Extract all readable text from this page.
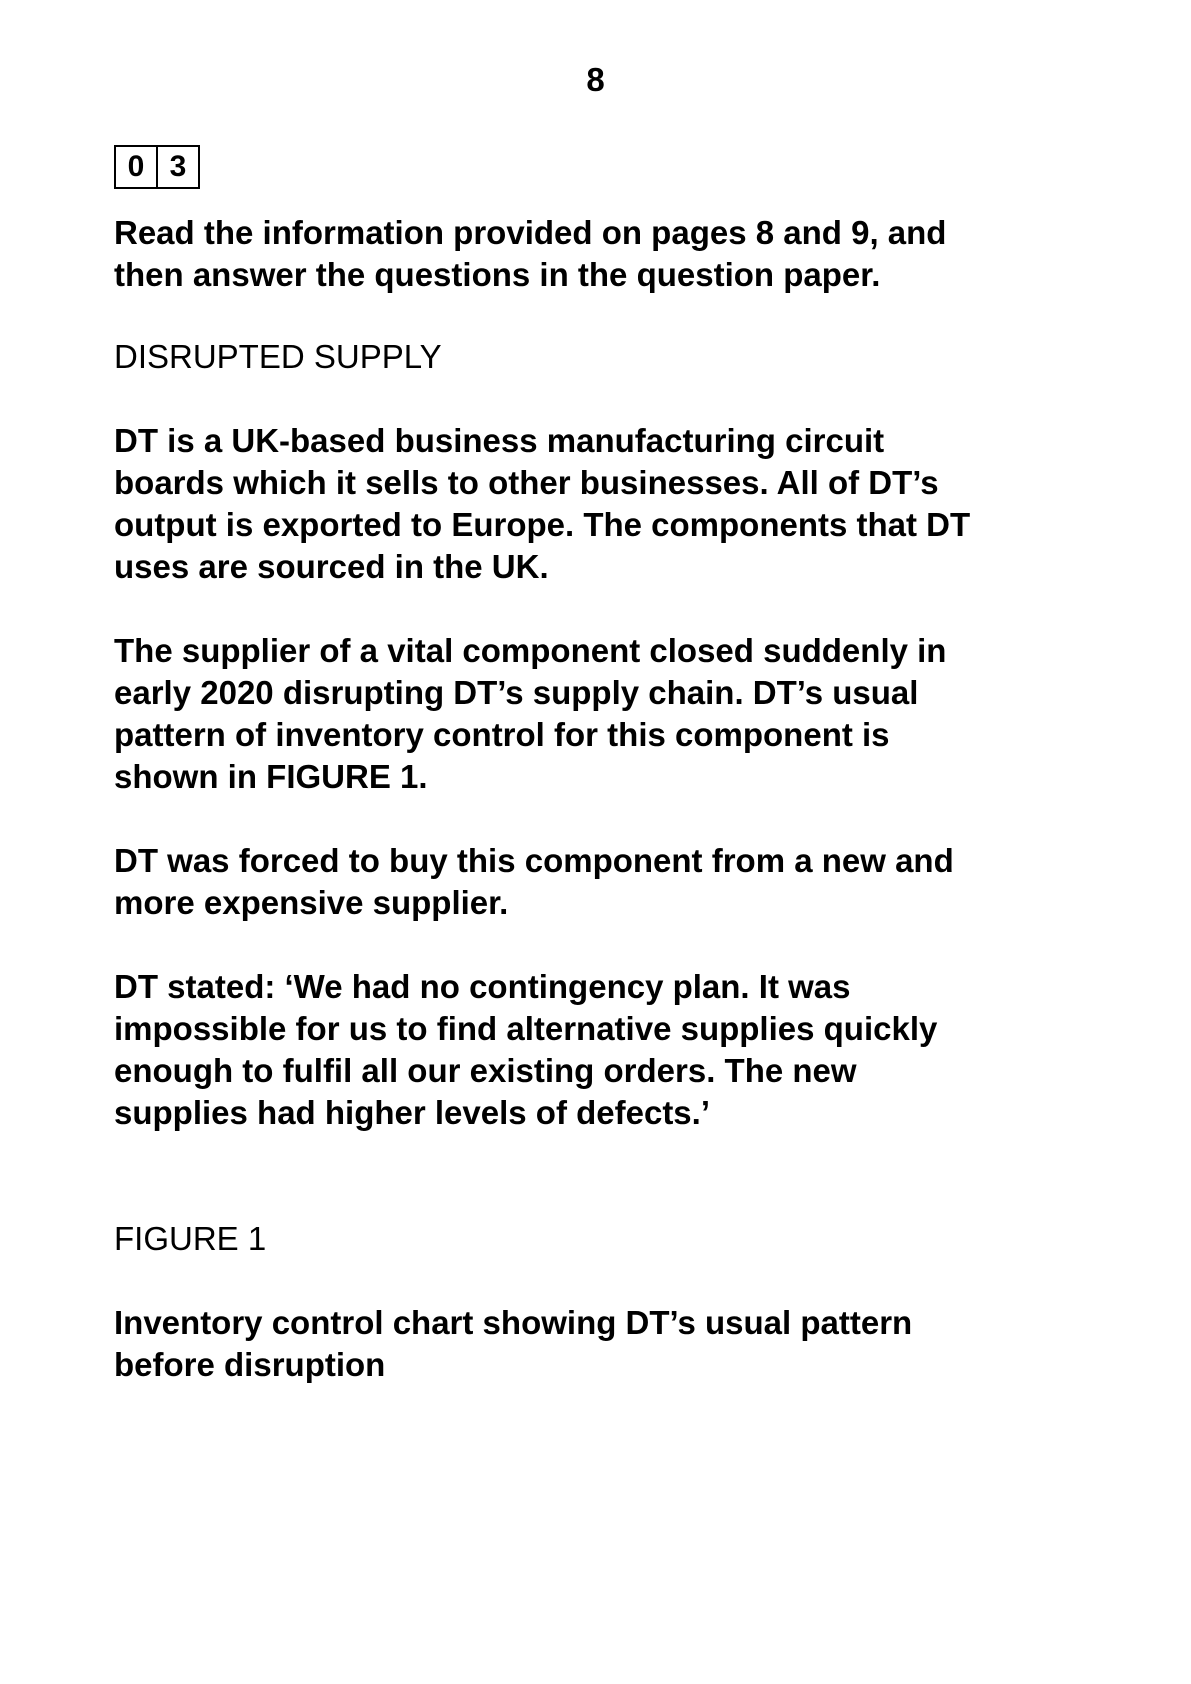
8
0 3

Read the information provided on pages 8 and 9, and
then answer the questions in the question paper.

DISRUPTED SUPPLY

DT is a UK-based business manufacturing circuit
boards which it sells to other businesses. All of DT’s
output is exported to Europe. The components that DT
uses are sourced in the UK.

The supplier of a vital component closed suddenly in
early 2020 disrupting DT’s supply chain. DT’s usual
pattern of inventory control for this component is
shown in FIGURE 1.

DT was forced to buy this component from a new and
more expensive supplier.

DT stated: ‘We had no contingency plan. It was
impossible for us to find alternative supplies quickly
enough to fulfil all our existing orders. The new
supplies had higher levels of defects.’

FIGURE 1

Inventory control chart showing DT’s usual pattern
before disruption
